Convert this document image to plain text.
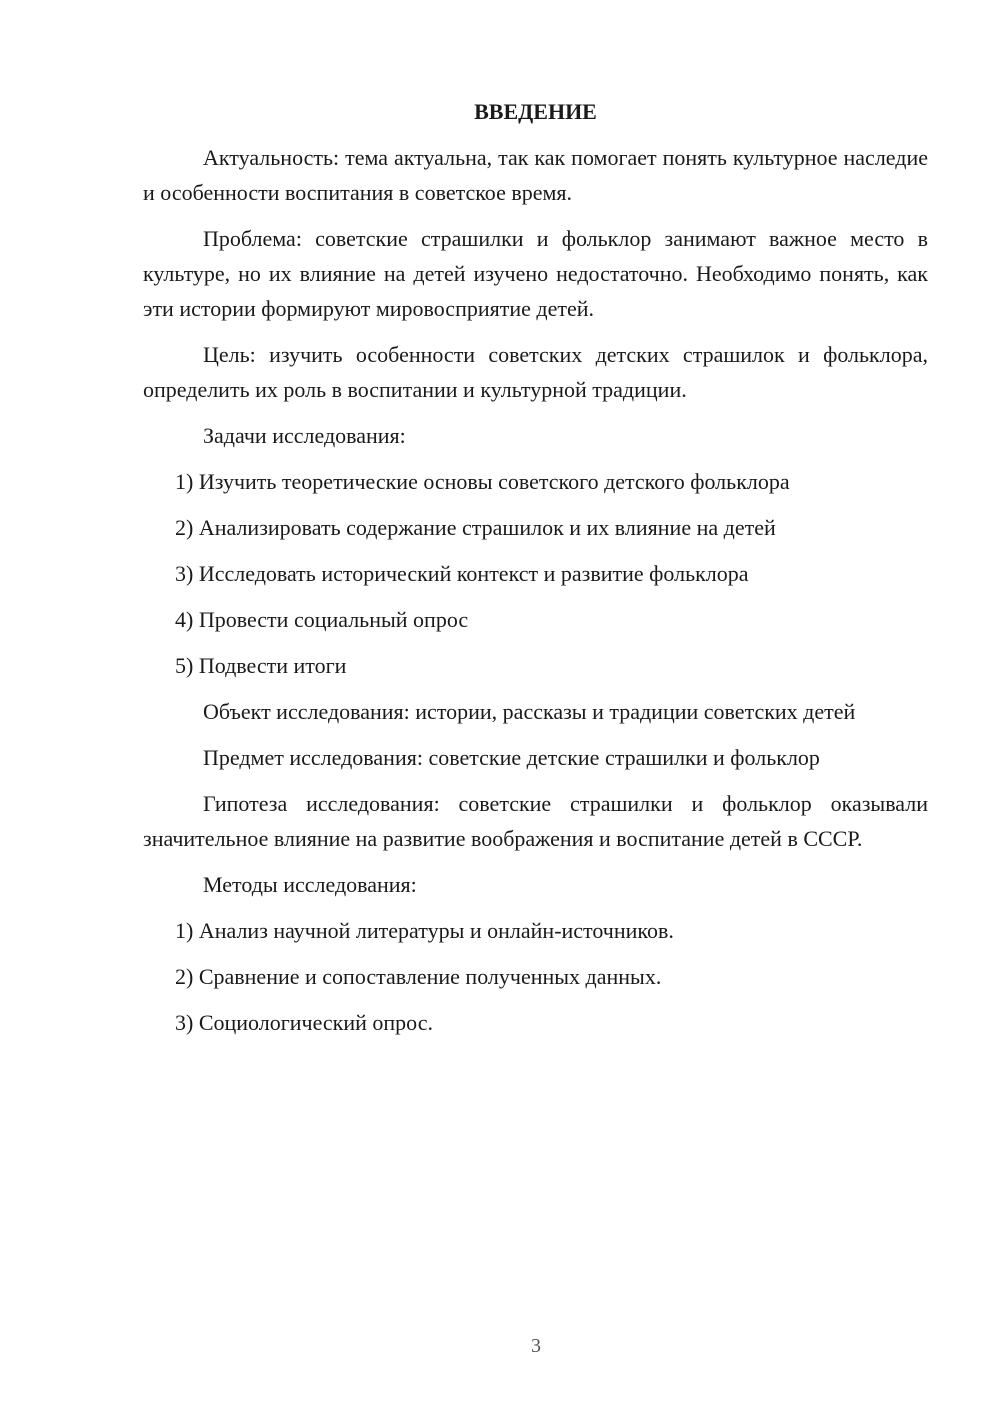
ВВЕДЕНИЕ

Актуальность: тема актуальна, так как помогает понять культурное наследие и особенности воспитания в советское время.

Проблема: советские страшилки и фольклор занимают важное место в культуре, но их влияние на детей изучено недостаточно. Необходимо понять, как эти истории формируют мировосприятие детей.

Цель: изучить особенности советских детских страшилок и фольклора, определить их роль в воспитании и культурной традиции.

Задачи исследования:

1) Изучить теоретические основы советского детского фольклора
2) Анализировать содержание страшилок и их влияние на детей
3) Исследовать исторический контекст и развитие фольклора
4) Провести социальный опрос
5) Подвести итоги

Объект исследования: истории, рассказы и традиции советских детей

Предмет исследования: советские детские страшилки и фольклор

Гипотеза исследования: советские страшилки и фольклор оказывали значительное влияние на развитие воображения и воспитание детей в СССР.

Методы исследования:

1) Анализ научной литературы и онлайн-источников.
2) Сравнение и сопоставление полученных данных.
3) Социологический опрос.
3
